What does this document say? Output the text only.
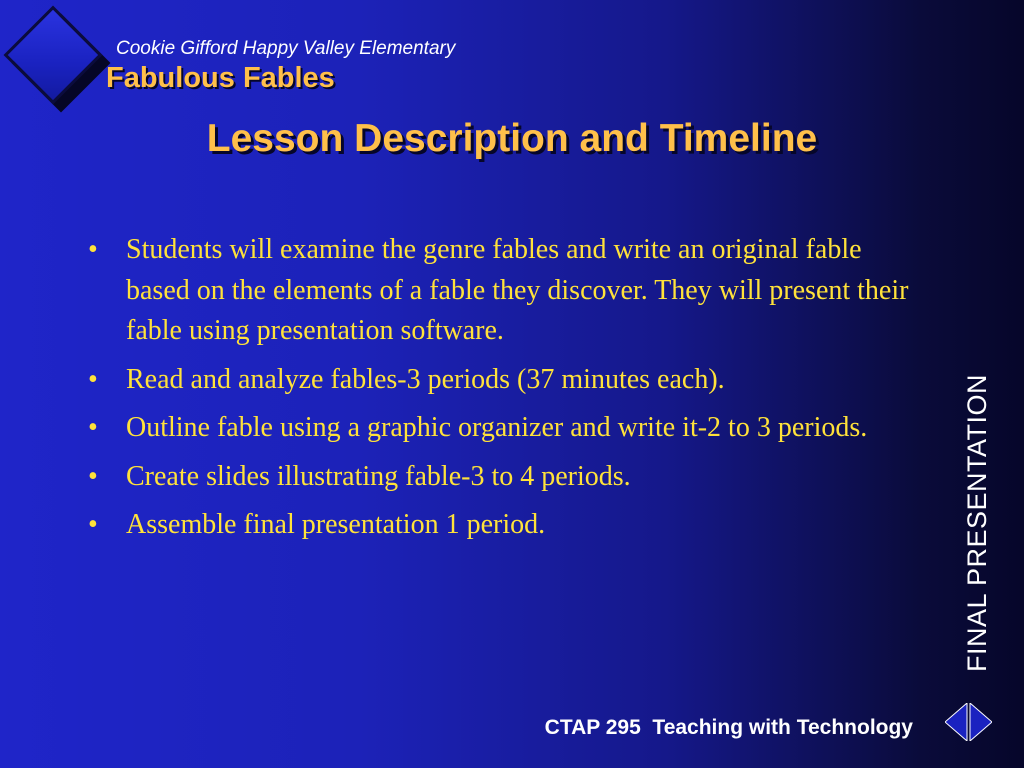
Cookie Gifford Happy Valley Elementary
Fabulous Fables
Lesson Description and Timeline
• Students will examine the genre fables and write an original fable based on the elements of a fable they discover. They will present their fable using presentation software.
• Read and analyze fables-3 periods (37 minutes each).
• Outline fable using a graphic organizer and write it-2 to 3 periods.
• Create slides illustrating fable-3 to 4 periods.
• Assemble final presentation 1 period.	FINAL PRESENTATION
CTAP 295  Teaching with Technology
